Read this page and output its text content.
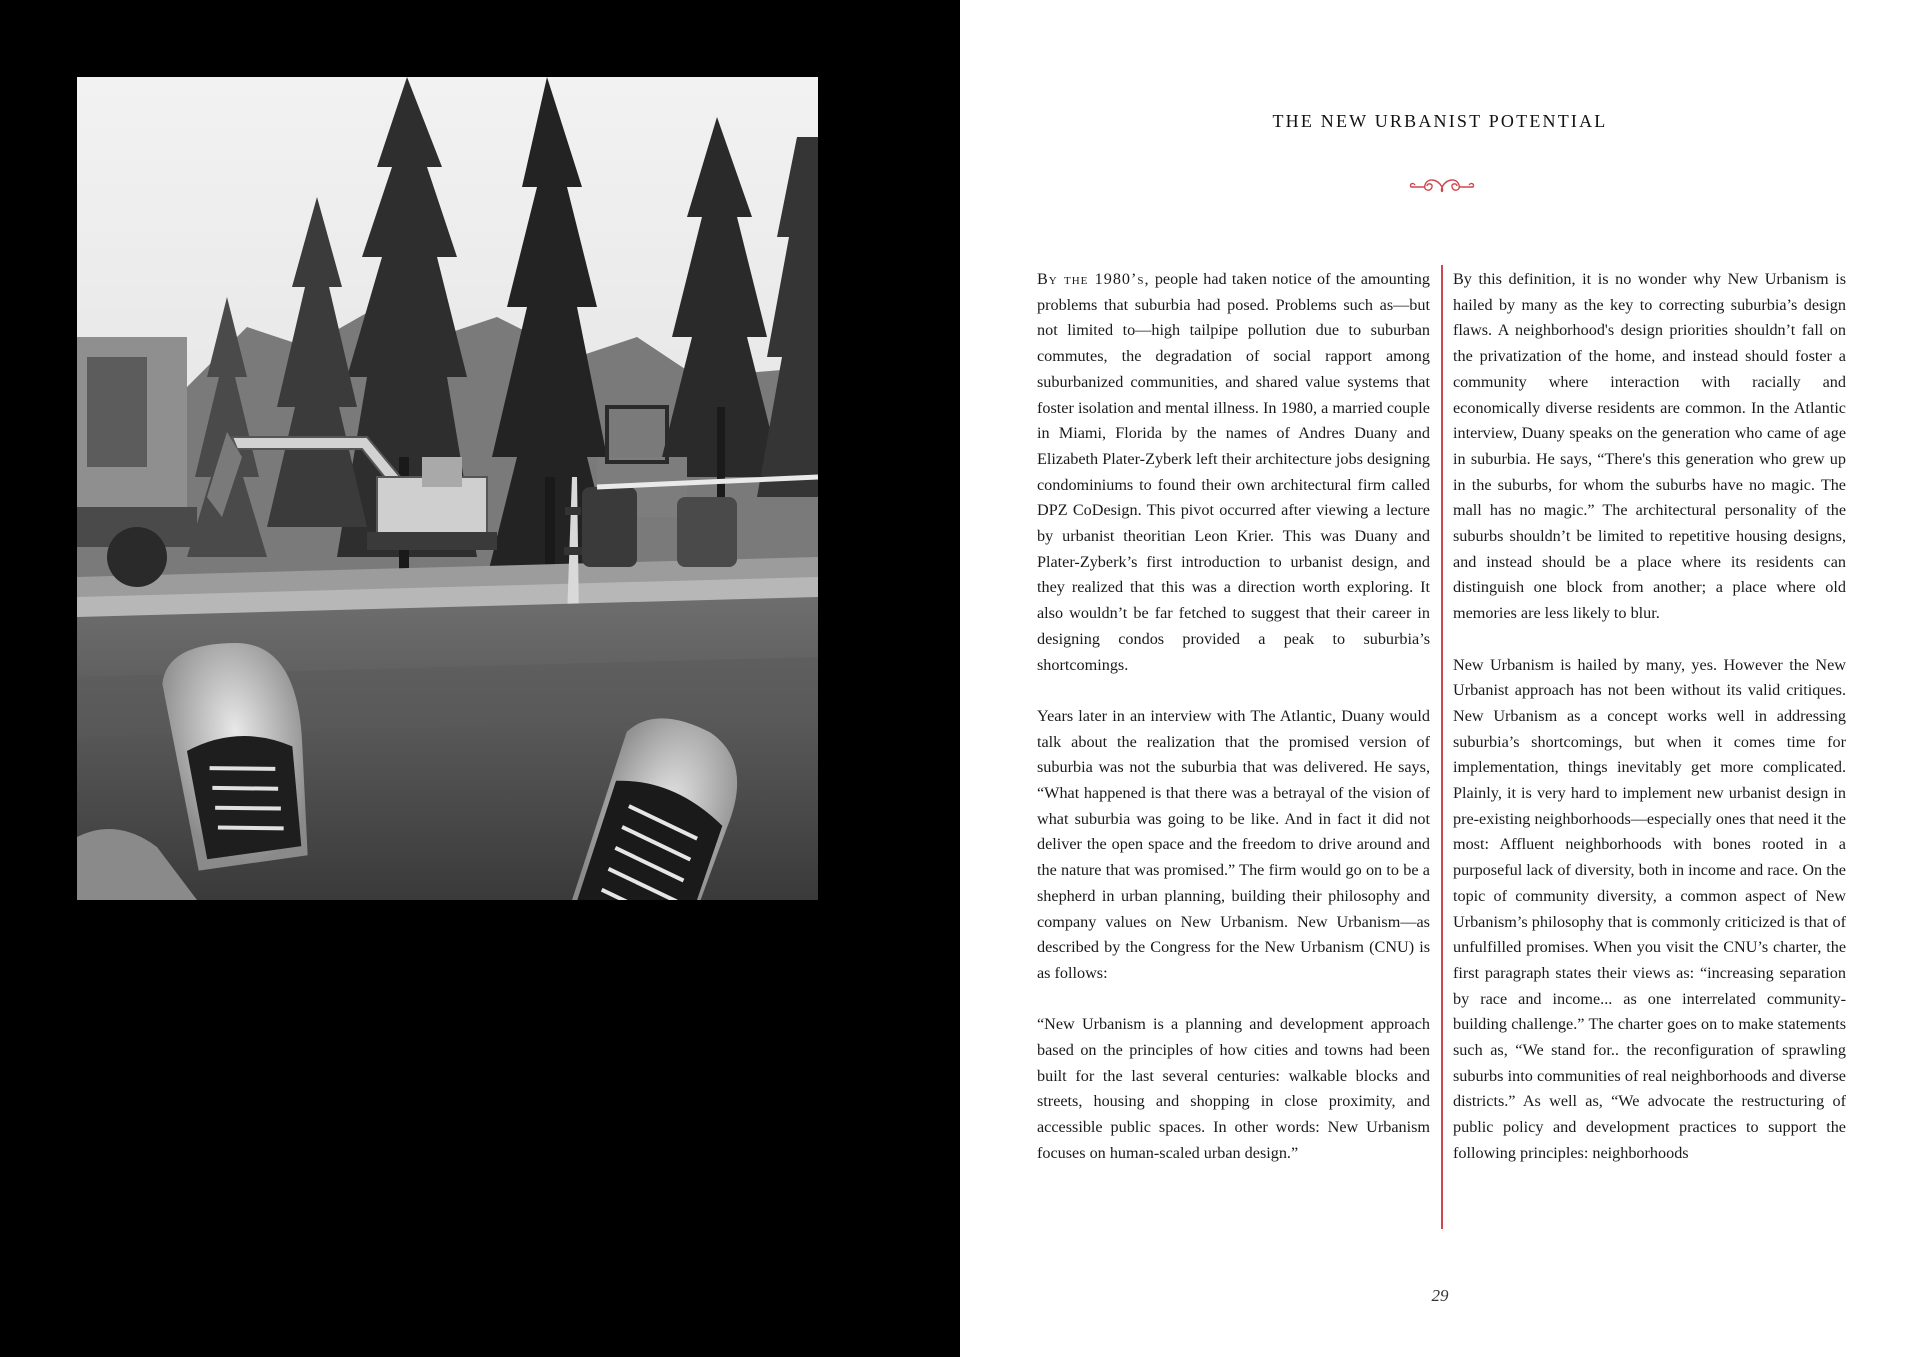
THE NEW URBANIST POTENTIAL

By the 1980’s, people had taken notice of the amounting problems that suburbia had posed. Problems such as—but not limited to—high tailpipe pollution due to suburban commutes, the degradation of social rapport among suburbanized communities, and shared value systems that foster isolation and mental illness. In 1980, a married couple in Miami, Florida by the names of Andres Duany and Elizabeth Plater-Zyberk left their architecture jobs designing condominiums to found their own architectural firm called DPZ CoDesign. This pivot occurred after viewing a lecture by urbanist theoritian Leon Krier. This was Duany and Plater-Zyberk’s first introduction to urbanist design, and they realized that this was a direction worth exploring. It also wouldn’t be far fetched to suggest that their career in designing condos provided a peak to suburbia’s shortcomings.

Years later in an interview with The Atlantic, Duany would talk about the realization that the promised version of suburbia was not the suburbia that was delivered. He says, “What happened is that there was a betrayal of the vision of what suburbia was going to be like. And in fact it did not deliver the open space and the freedom to drive around and the nature that was promised.” The firm would go on to be a shepherd in urban planning, building their philosophy and company values on New Urbanism. New Urbanism—as described by the Congress for the New Urbanism (CNU) is as follows:

“New Urbanism is a planning and development approach based on the principles of how cities and towns had been built for the last several centuries: walkable blocks and streets, housing and shopping in close proximity, and accessible public spaces. In other words: New Urbanism focuses on human-scaled urban design.”

By this definition, it is no wonder why New Urbanism is hailed by many as the key to correcting suburbia’s design flaws. A neighborhood's design priorities shouldn’t fall on the privatization of the home, and instead should foster a community where interaction with racially and economically diverse residents are common. In the Atlantic interview, Duany speaks on the generation who came of age in suburbia. He says, “There's this generation who grew up in the suburbs, for whom the suburbs have no magic. The mall has no magic.” The architectural personality of the suburbs shouldn’t be limited to repetitive housing designs, and instead should be a place where its residents can distinguish one block from another; a place where old memories are less likely to blur.

New Urbanism is hailed by many, yes. However the New Urbanist approach has not been without its valid critiques. New Urbanism as a concept works well in addressing suburbia’s shortcomings, but when it comes time for implementation, things inevitably get more complicated. Plainly, it is very hard to implement new urbanist design in pre-existing neighborhoods—especially ones that need it the most: Affluent neighborhoods with bones rooted in a purposeful lack of diversity, both in income and race. On the topic of community diversity, a common aspect of New Urbanism’s philosophy that is commonly criticized is that of unfulfilled promises. When you visit the CNU’s charter, the first paragraph states their views as: “increasing separation by race and income... as one interrelated community-building challenge.” The charter goes on to make statements such as, “We stand for.. the reconfiguration of sprawling suburbs into communities of real neighborhoods and diverse districts.” As well as, “We advocate the restructuring of public policy and development practices to support the following principles: neighborhoods

29
